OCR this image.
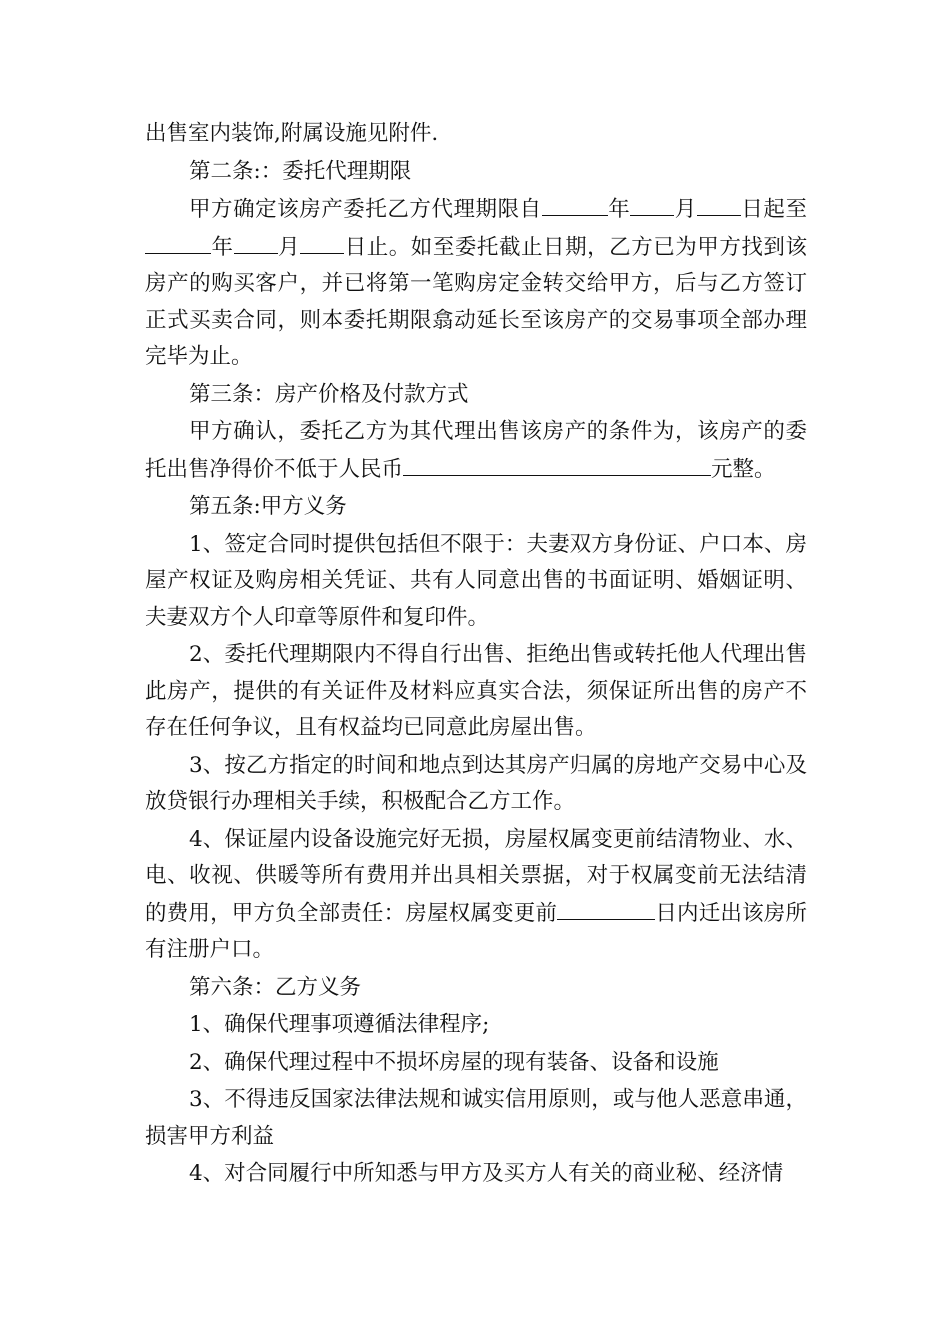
出售室内装饰,附属设施见附件.
第二条:：委托代理期限
甲方确定该房产委托乙方代理期限自	年 月 日起至年 月 日止。如至委托截止日期，乙方已为甲方找到该房产的购买客户，并已将第一笔购房定金转交给甲方，后与乙方签订正式买卖合同，则本委托期限翕动延长至该房产的交易事项全部办理完毕为止。
第三条：房产价格及付款方式
甲方确认，委托乙方为其代理出售该房产的条件为，该房产的委托出售净得价不低于人民币	元整。
第五条:甲方义务
1、签定合同时提供包括但不限于：夫妻双方身份证、户口本、房屋产权证及购房相关凭证、共有人同意出售的书面证明、婚姻证明、夫妻双方个人印章等原件和复印件。
2、委托代理期限内不得自行出售、拒绝出售或转托他人代理出售此房产，提供的有关证件及材料应真实合法，须保证所出售的房产不存在任何争议，且有权益均已同意此房屋出售。
3、按乙方指定的时间和地点到达其房产归属的房地产交易中心及放贷银行办理相关手续，积极配合乙方工作。
4、保证屋内设备设施完好无损，房屋权属变更前结清物业、水、电、收视、供暖等所有费用并出具相关票据，对于权属变前无法结清的费用，甲方负全部责任：房屋权属变更前	日内迁出该房所有注册户口。
第六条：乙方义务
1、确保代理事项遵循法律程序;
2、确保代理过程中不损坏房屋的现有装备、设备和设施
3、不得违反国家法律法规和诚实信用原则，或与他人恶意串通，损害甲方利益
4、对合同履行中所知悉与甲方及买方人有关的商业秘、经济情
